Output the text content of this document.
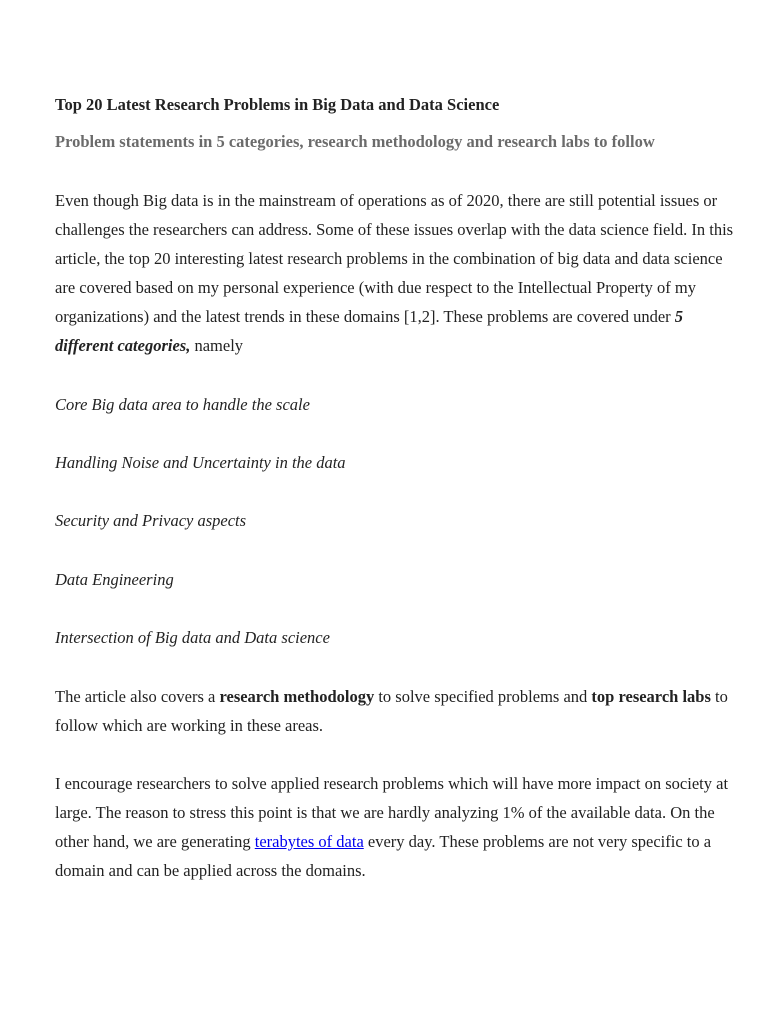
Top 20 Latest Research Problems in Big Data and Data Science
Problem statements in 5 categories, research methodology and research labs to follow

Even though Big data is in the mainstream of operations as of 2020, there are still potential issues or challenges the researchers can address. Some of these issues overlap with the data science field. In this article, the top 20 interesting latest research problems in the combination of big data and data science are covered based on my personal experience (with due respect to the Intellectual Property of my organizations) and the latest trends in these domains [1,2]. These problems are covered under 5 different categories, namely

Core Big data area to handle the scale

Handling Noise and Uncertainty in the data

Security and Privacy aspects

Data Engineering

Intersection of Big data and Data science

The article also covers a research methodology to solve specified problems and top research labs to follow which are working in these areas.

I encourage researchers to solve applied research problems which will have more impact on society at large. The reason to stress this point is that we are hardly analyzing 1% of the available data. On the other hand, we are generating terabytes of data every day. These problems are not very specific to a domain and can be applied across the domains.
